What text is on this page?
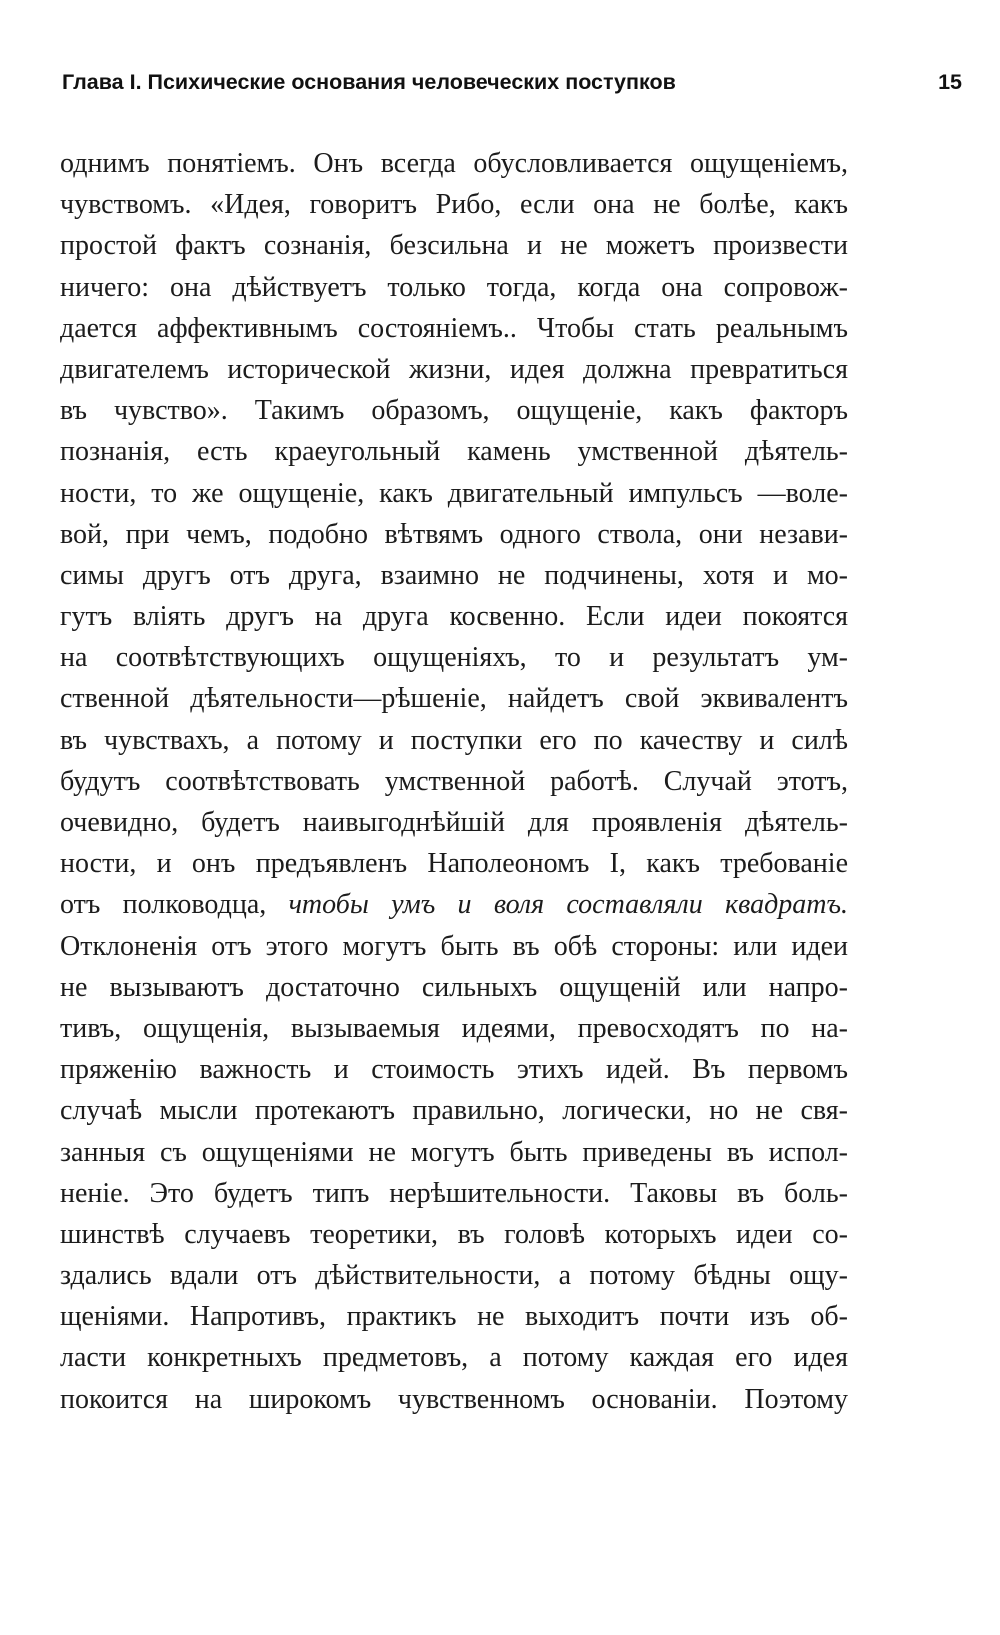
Глава I. Психические основания человеческих поступков	15
однимъ понятіемъ. Онъ всегда обусловливается ощущеніемъ,
чувствомъ. «Идея, говоритъ Рибо, если она не болѣе, какъ
простой фактъ сознанія, безсильна и не можетъ произвести
ничего: она дѣйствуетъ только тогда, когда она сопровож-
дается аффективнымъ состояніемъ.. Чтобы стать реальнымъ
двигателемъ исторической жизни, идея должна превратиться
въ чувство». Такимъ образомъ, ощущеніе, какъ факторъ
познанія, есть краеугольный камень умственной дѣятель-
ности, то же ощущеніе, какъ двигательный импульсъ —воле-
вой, при чемъ, подобно вѣтвямъ одного ствола, они незави-
симы другъ отъ друга, взаимно не подчинены, хотя и мо-
гутъ вліять другъ на друга косвенно. Если идеи покоятся
на соотвѣтствующихъ ощущеніяхъ, то и результатъ ум-
ственной дѣятельности—рѣшеніе, найдетъ свой эквивалентъ
въ чувствахъ, а потому и поступки его по качеству и силѣ
будутъ соотвѣтствовать умственной работѣ. Случай этотъ,
очевидно, будетъ наивыгоднѣйшій для проявленія дѣятель-
ности, и онъ предъявленъ Наполеономъ I, какъ требованіе
отъ полководца, чтобы умъ и воля составляли квадратъ.
Отклоненія отъ этого могутъ быть въ обѣ стороны: или идеи
не вызываютъ достаточно сильныхъ ощущеній или напро-
тивъ, ощущенія, вызываемыя идеями, превосходятъ по на-
пряженію важность и стоимость этихъ идей. Въ первомъ
случаѣ мысли протекаютъ правильно, логически, но не свя-
занныя съ ощущеніями не могутъ быть приведены въ испол-
неніе. Это будетъ типъ нерѣшительности. Таковы въ боль-
шинствѣ случаевъ теоретики, въ головѣ которыхъ идеи со-
здались вдали отъ дѣйствительности, а потому бѣдны ощу-
щеніями. Напротивъ, практикъ не выходитъ почти изъ об-
ласти конкретныхъ предметовъ, а потому каждая его идея
покоится на широкомъ чувственномъ основаніи. Поэтому
